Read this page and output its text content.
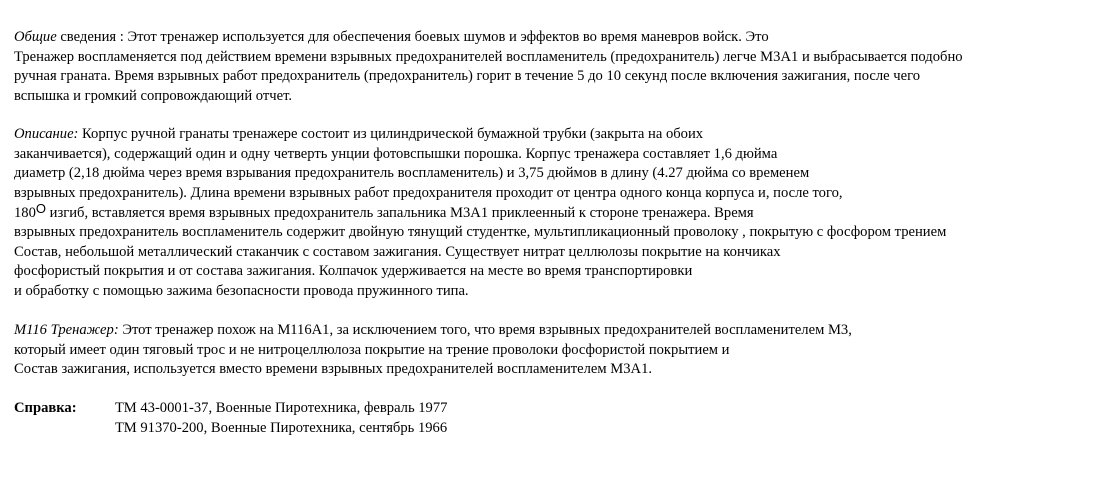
Общие сведения : Этот тренажер используется для обеспечения боевых шумов и эффектов во время маневров войск. Это
Тренажер воспламеняется под действием времени взрывных предохранителей воспламенитель (предохранитель) легче М3А1 и выбрасывается подобно
ручная граната. Время взрывных работ предохранитель (предохранитель) горит в течение 5 до 10 секунд после включения зажигания, после чего
вспышка и громкий сопровождающий отчет.
Описание: Корпус ручной гранаты тренажере состоит из цилиндрической бумажной трубки (закрыта на обоих
заканчивается), содержащий один и одну четверть унции фотовспышки порошка. Корпус тренажера составляет 1,6 дюйма
диаметр (2,18 дюйма через время взрывания предохранитель воспламенитель) и 3,75 дюймов в длину (4.27 дюйма со временем
взрывных предохранитель). Длина времени взрывных работ предохранителя проходит от центра одного конца корпуса и, после того,
180O изгиб, вставляется время взрывных предохранитель запальника М3А1 приклеенный к стороне тренажера. Время
взрывных предохранитель воспламенитель содержит двойную тянущий студентке, мультипликационный проволоку , покрытую с фосфором трением
Состав, небольшой металлический стаканчик с составом зажигания. Существует нитрат целлюлозы покрытие на кончиках
фосфористый покрытия и от состава зажигания. Колпачок удерживается на месте во время транспортировки
и обработку с помощью зажима безопасности провода пружинного типа.
M116 Тренажер: Этот тренажер похож на M116A1, за исключением того, что время взрывных предохранителей воспламенителем М3,
который имеет один тяговый трос и не нитроцеллюлоза покрытие на трение проволоки фосфористой покрытием и
Состав зажигания, используется вместо времени взрывных предохранителей воспламенителем М3А1.
Справка:	ТМ 43-0001-37, Военные Пиротехника, февраль 1977
ТМ 91370-200, Военные Пиротехника, сентябрь 1966
